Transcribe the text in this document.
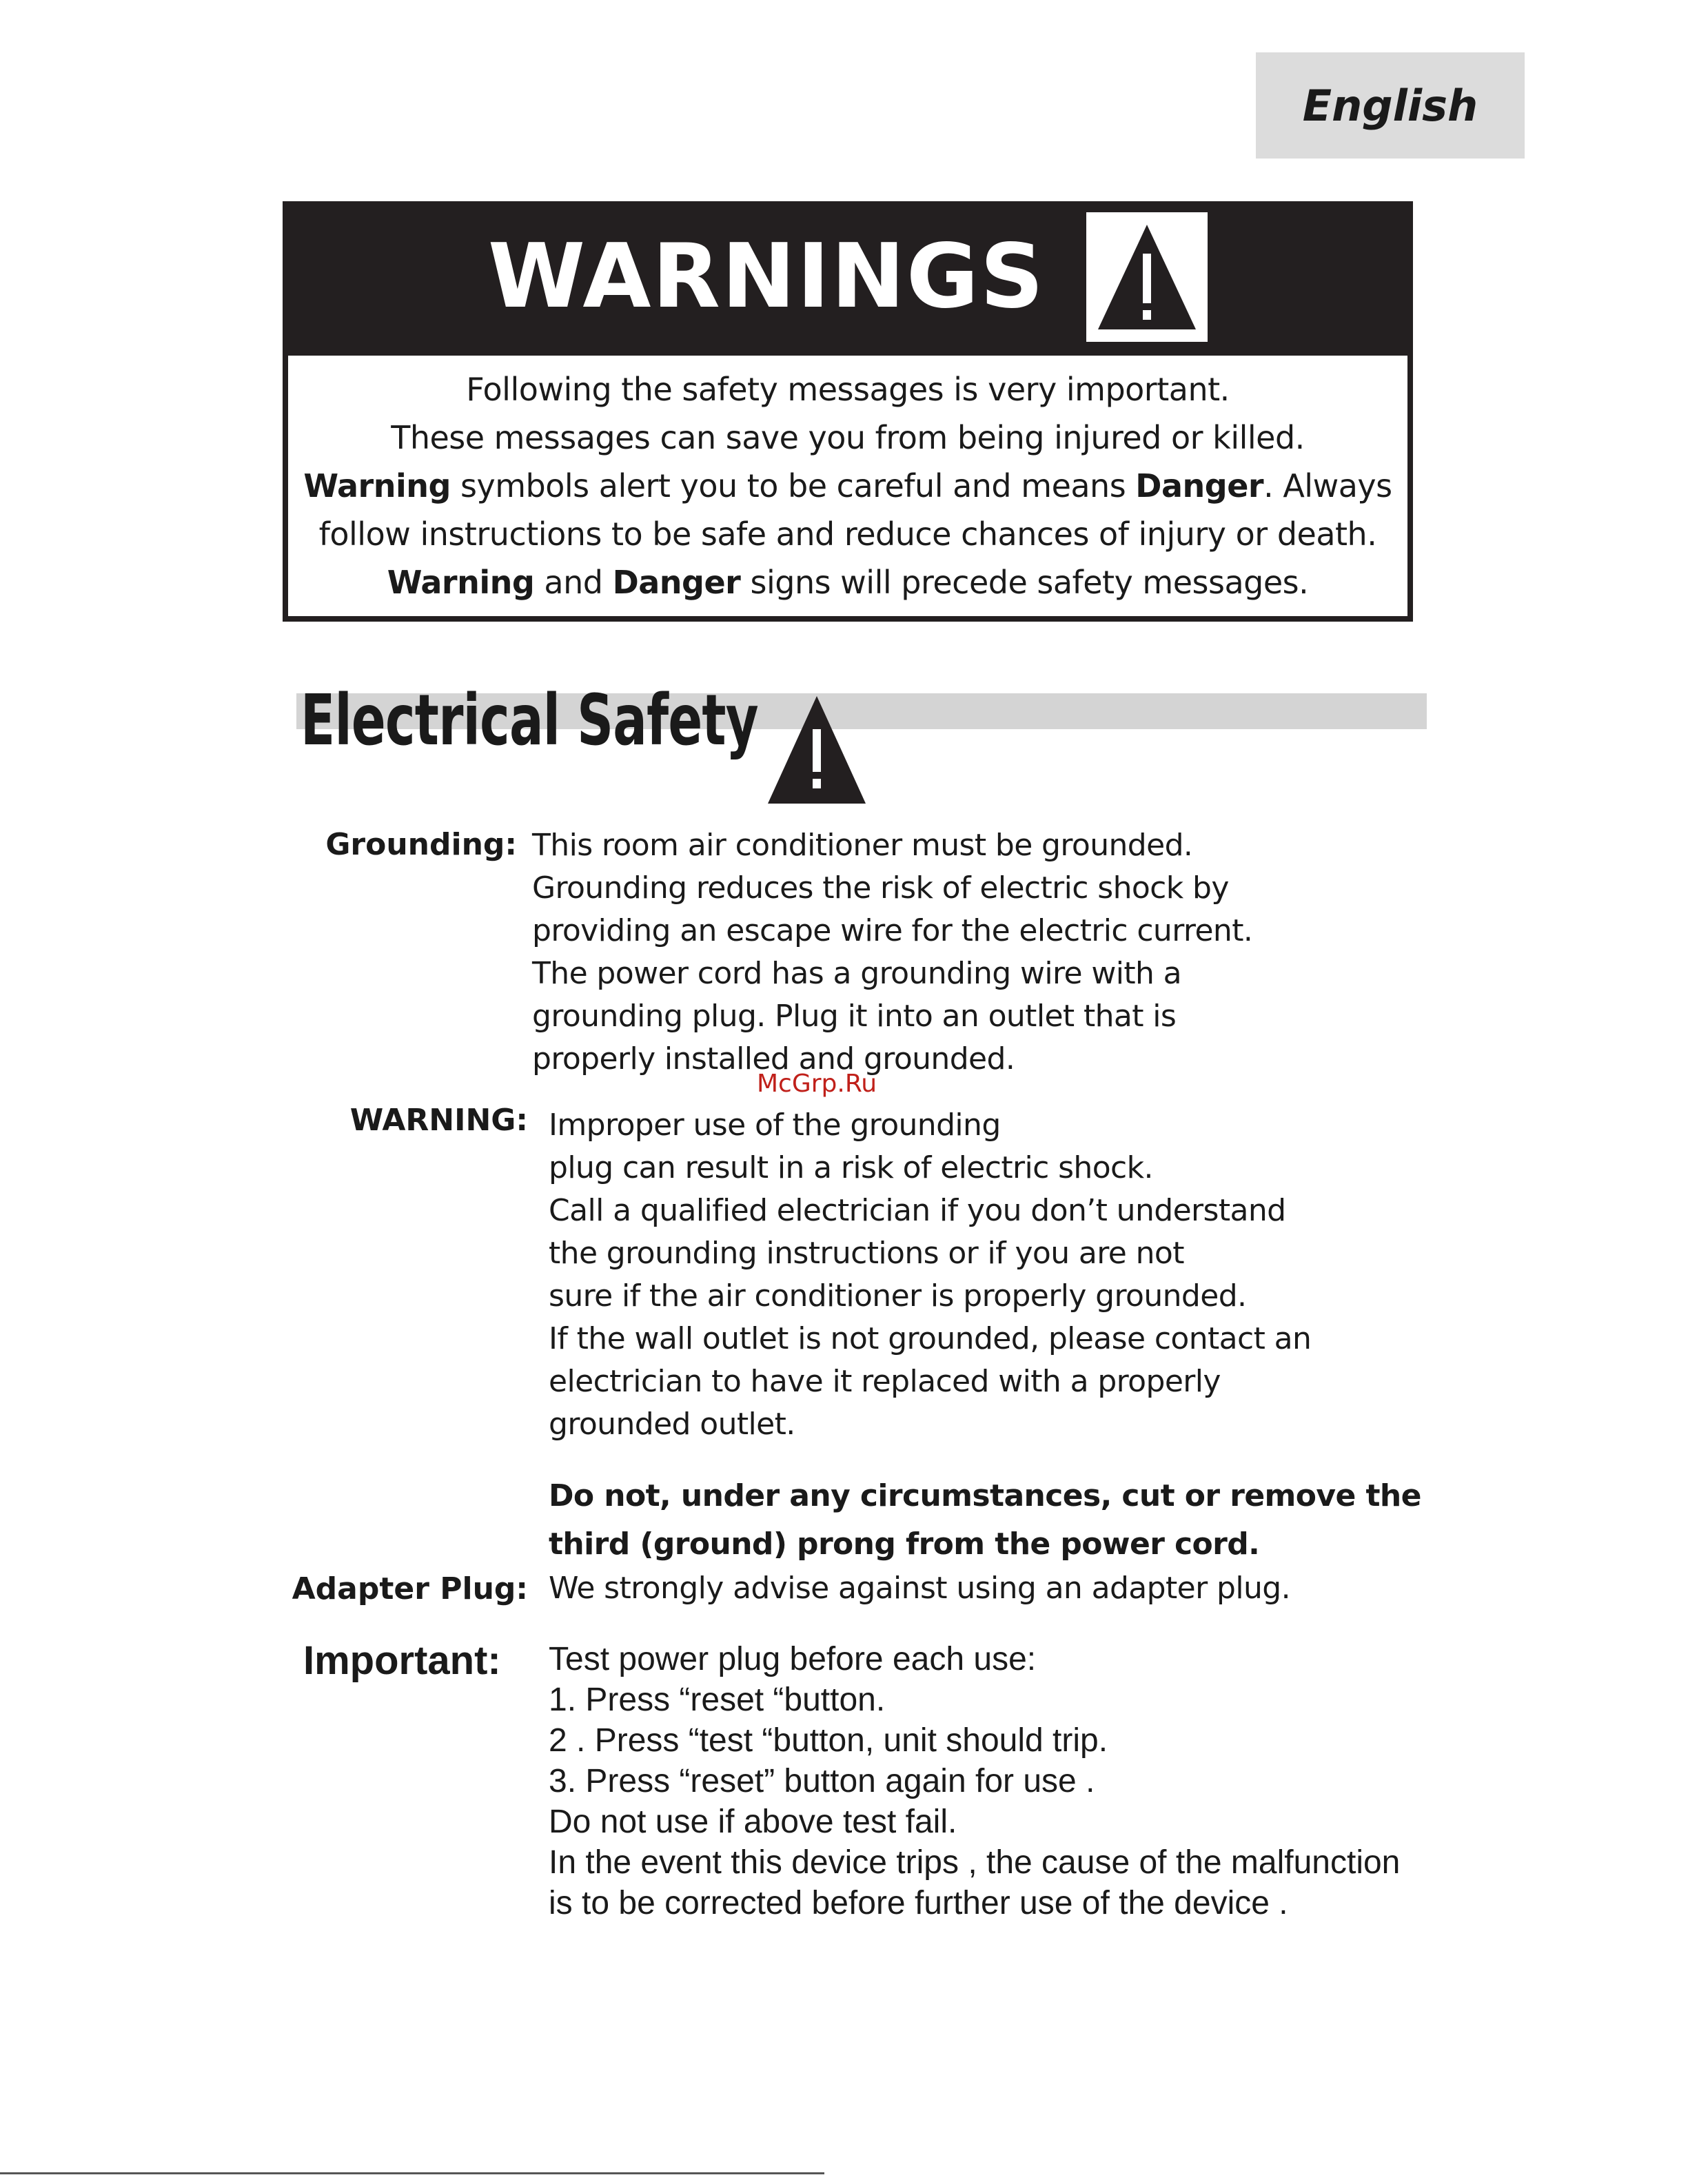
English
WARNINGS

Following the safety messages is very important.

These messages can save you from being injured or killed.

Warning symbols alert you to be careful and means Danger. Always

follow instructions to be safe and reduce chances of injury or death.

Warning and Danger signs will precede safety messages.

Electrical Safety
Grounding: This room air conditioner must be grounded.
Grounding reduces the risk of electric shock by
providing an escape wire for the electric current.
The power cord has a grounding wire with a
grounding plug. Plug it into an outlet that is
properly installed and grounded.
McGrp.Ru
WARNING: Improper use of the grounding
plug can result in a risk of electric shock.
Call a qualified electrician if you don’t understand
the grounding instructions or if you are not
sure if the air conditioner is properly grounded.
If the wall outlet is not grounded, please contact an
electrician to have it replaced with a properly
grounded outlet.
Do not, under any circumstances, cut or remove the
third (ground) prong from the power cord.
Adapter Plug: We strongly advise against using an adapter plug.
Important: Test power plug before each use:
1. Press “reset “button.
2 . Press “test “button, unit should trip.
3. Press “reset” button again for use .
Do not use if above test fail.
In the event this device trips , the cause of the malfunction
is to be corrected before further use of the device .
